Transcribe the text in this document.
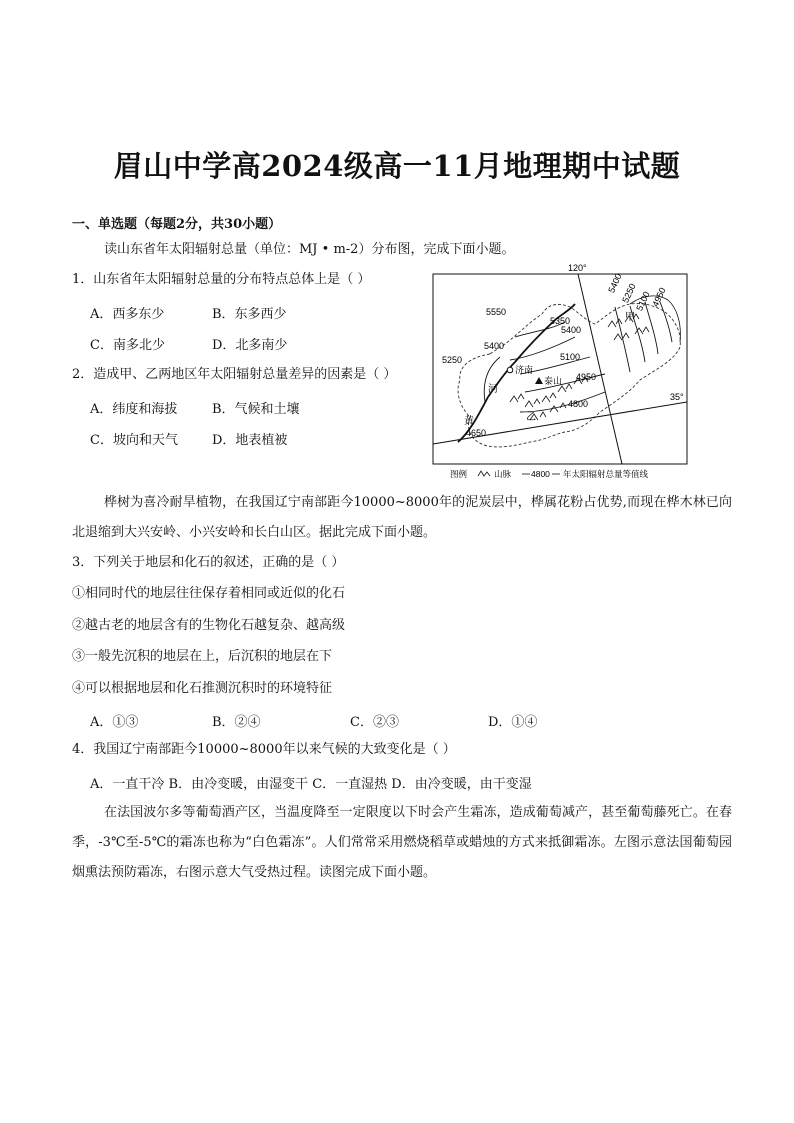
眉山中学高2024级高一11月地理期中试题
一、单选题（每题2分，共30小题）
读山东省年太阳辐射总量（单位：MJ • m-2）分布图，完成下面小题。
1．山东省年太阳辐射总量的分布特点总体上是（ ）
A．西多东少	B．东多西少
C．南多北少	D．北多南少
2．造成甲、乙两地区年太阳辐射总量差异的因素是（ ）
A．纬度和海拔	B．气候和土壤
C．坡向和天气	D．地表植被
120°
35°
5400
5250
5100
4950
5550
5350
5400
5400
5250	5100
4950
4800
4650
济南
泰山
甲
乙
黄
河
图例	山脉 4800 年太阳辐射总量等值线
桦树为喜冷耐旱植物，在我国辽宁南部距今10000~8000年的泥炭层中，桦属花粉占优势,而现在桦木林已向北退缩到大兴安岭、小兴安岭和长白山区。据此完成下面小题。
3．下列关于地层和化石的叙述，正确的是（ ）
①相同时代的地层往往保存着相同或近似的化石
②越古老的地层含有的生物化石越复杂、越高级
③一般先沉积的地层在上，后沉积的地层在下
④可以根据地层和化石推测沉积时的环境特征
A．①③	B．②④	C．②③	D．①④
4．我国辽宁南部距今10000~8000年以来气候的大致变化是（ ）
A．一直干冷 B．由冷变暖，由湿变干 C．一直湿热 D．由冷变暖，由干变湿
在法国波尔多等葡萄酒产区，当温度降至一定限度以下时会产生霜冻，造成葡萄减产，甚至葡萄藤死亡。在春季，-3℃至-5℃的霜冻也称为“白色霜冻”。人们常常采用燃烧稻草或蜡烛的方式来抵御霜冻。左图示意法国葡萄园烟熏法预防霜冻，右图示意大气受热过程。读图完成下面小题。
